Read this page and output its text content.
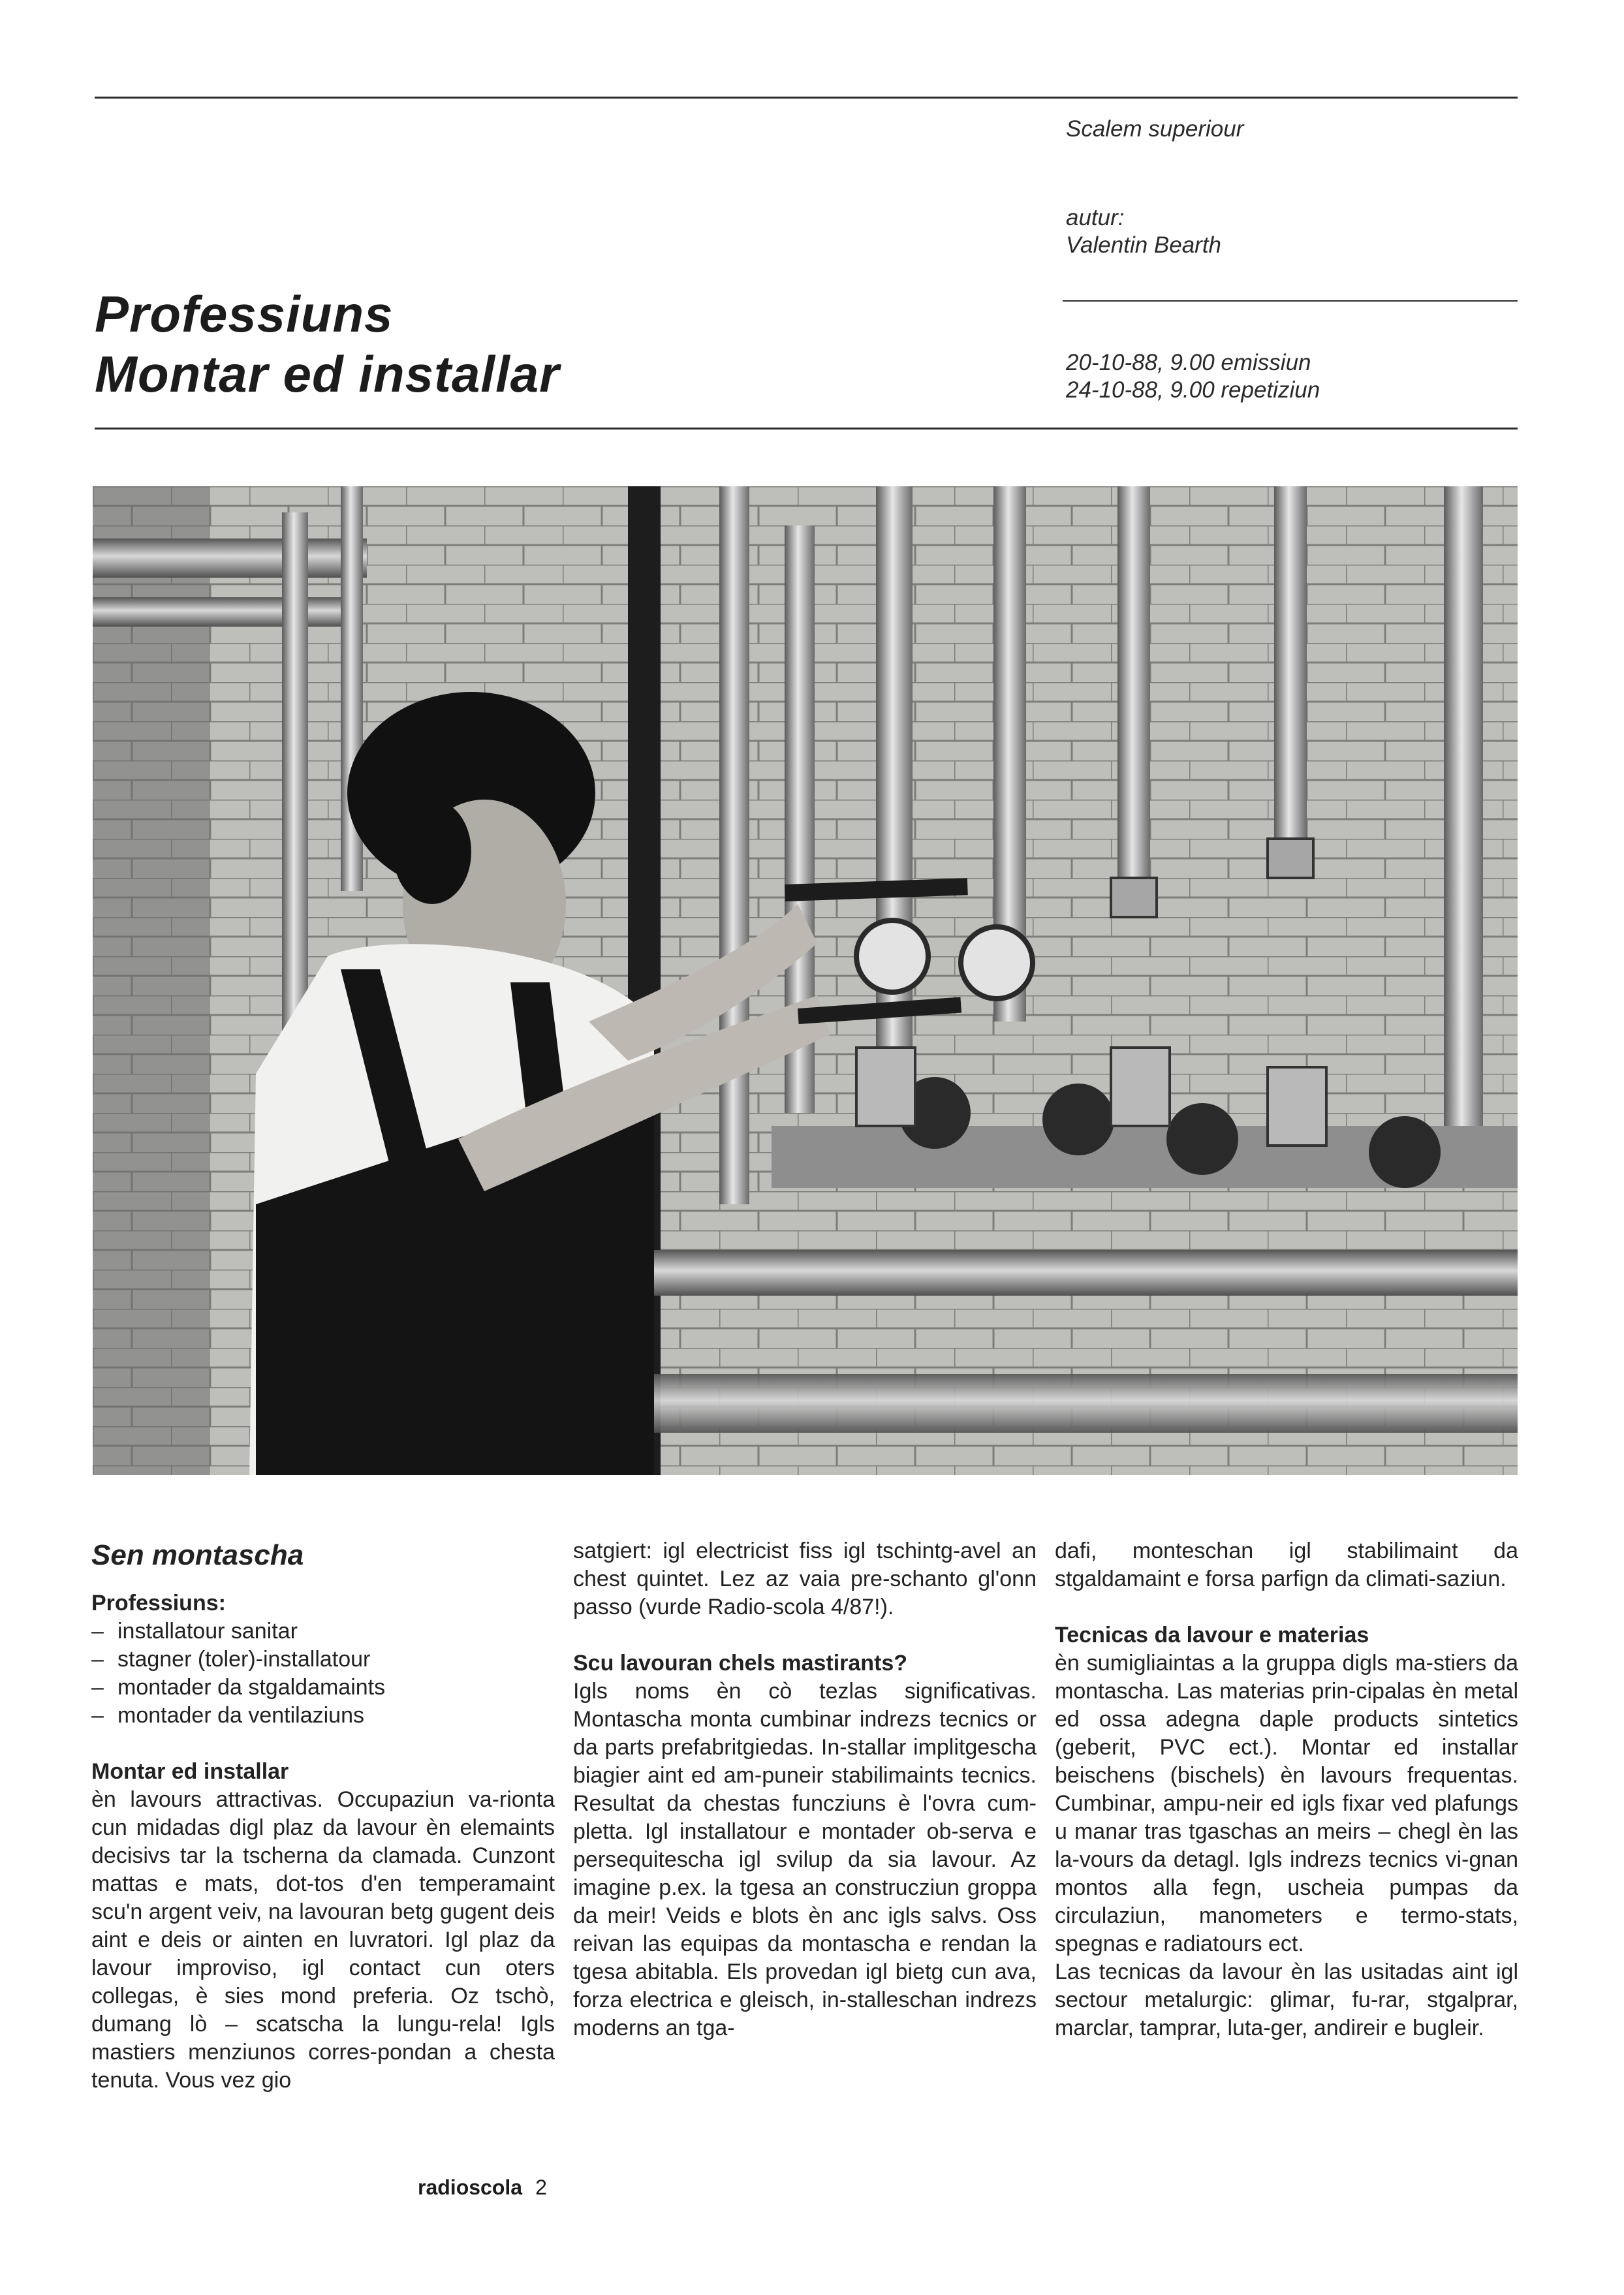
Scalem superiour
autur:
Valentin Bearth
20-10-88, 9.00 emissiun
24-10-88, 9.00 repetiziun
Professiuns
Montar ed installar
Sen montascha
Professiuns:
– installatour sanitar
– stagner (toler)-installatour
– montader da stgaldamaints
– montader da ventilaziuns
Montar ed installar

èn lavours attractivas. Occupaziun va-rionta cun midadas digl plaz da lavour èn elemaints decisivs tar la tscherna da clamada. Cunzont mattas e mats, dot-tos d'en temperamaint scu'n argent veiv, na lavouran betg gugent deis aint e deis or ainten en luvratori. Igl plaz da lavour improviso, igl contact cun oters collegas, è sies mond preferia. Oz tschò, dumang lò – scatscha la lungu-rela! Igls mastiers menziunos corres-pondan a chesta tenuta. Vous vez gio

satgiert: igl electricist fiss igl tschintg-avel an chest quintet. Lez az vaia pre-schanto gl'onn passo (vurde Radio-scola 4/87!).

Scu lavouran chels mastirants?

Igls noms èn cò tezlas significativas. Montascha monta cumbinar indrezs tecnics or da parts prefabritgiedas. In-stallar implitgescha biagier aint ed am-puneir stabilimaints tecnics. Resultat da chestas funcziuns è l'ovra cum-pletta. Igl installatour e montader ob-serva e persequitescha igl svilup da sia lavour. Az imagine p.ex. la tgesa an construcziun groppa da meir! Veids e blots èn anc igls salvs. Oss reivan las equipas da montascha e rendan la tgesa abitabla. Els provedan igl bietg cun ava, forza electrica e gleisch, in-stalleschan indrezs moderns an tga-

dafi, monteschan igl stabilimaint da stgaldamaint e forsa parfign da climati-saziun.

Tecnicas da lavour e materias

èn sumigliaintas a la gruppa digls ma-stiers da montascha. Las materias prin-cipalas èn metal ed ossa adegna daple products sintetics (geberit, PVC ect.). Montar ed installar beischens (bischels) èn lavours frequentas. Cumbinar, ampu-neir ed igls fixar ved plafungs u manar tras tgaschas an meirs – chegl èn las la-vours da detagl. Igls indrezs tecnics vi-gnan montos alla fegn, uscheia pumpas da circulaziun, manometers e termo-stats, spegnas e radiatours ect.

Las tecnicas da lavour èn las usitadas aint igl sectour metalurgic: glimar, fu-rar, stgalprar, marclar, tamprar, luta-ger, andireir e bugleir.

radioscola 2
